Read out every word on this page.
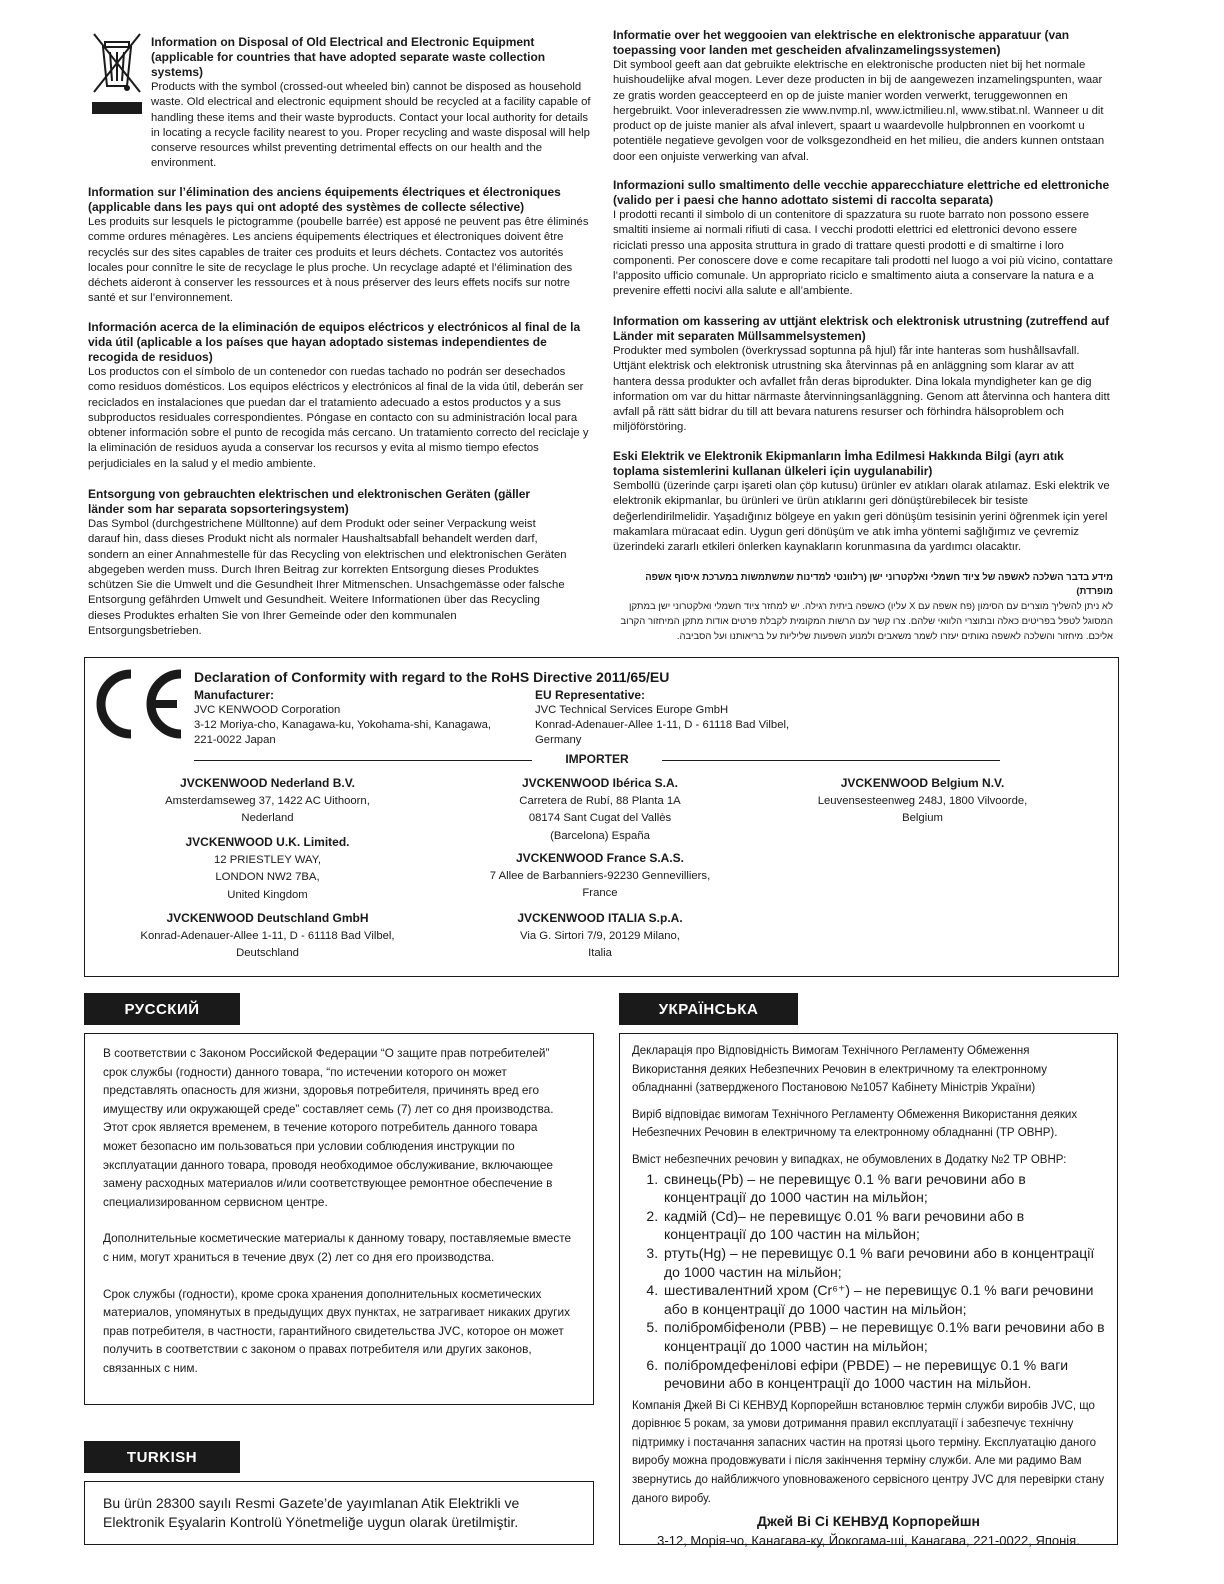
Information on Disposal of Old Electrical and Electronic Equipment (applicable for countries that have adopted separate waste collection systems)

Products with the symbol (crossed-out wheeled bin) cannot be disposed as household waste. Old electrical and electronic equipment should be recycled at a facility capable of handling these items and their waste byproducts. Contact your local authority for details in locating a recycle facility nearest to you. Proper recycling and waste disposal will help conserve resources whilst preventing detrimental effects on our health and the environment.

Information sur l’élimination des anciens équipements électriques et électroniques (applicable dans les pays qui ont adopté des systèmes de collecte sélective)

Les produits sur lesquels le pictogramme (poubelle barrée) est apposé ne peuvent pas être éliminés comme ordures ménagères. Les anciens équipements électriques et électroniques doivent être recyclés sur des sites capables de traiter ces produits et leurs déchets. Contactez vos autorités locales pour connître le site de recyclage le plus proche. Un recyclage adapté et l’élimination des déchets aideront à conserver les ressources et à nous préserver des leurs effets nocifs sur notre santé et sur l’environnement.

Información acerca de la eliminación de equipos eléctricos y electrónicos al final de la vida útil (aplicable a los países que hayan adoptado sistemas independientes de recogida de residuos)

Los productos con el símbolo de un contenedor con ruedas tachado no podrán ser desechados como residuos domésticos. Los equipos eléctricos y electrónicos al final de la vida útil, deberán ser reciclados en instalaciones que puedan dar el tratamiento adecuado a estos productos y a sus subproductos residuales correspondientes. Póngase en contacto con su administración local para obtener información sobre el punto de recogida más cercano. Un tratamiento correcto del reciclaje y la eliminación de residuos ayuda a conservar los recursos y evita al mismo tiempo efectos perjudiciales en la salud y el medio ambiente.

Entsorgung von gebrauchten elektrischen und elektronischen Geräten (gäller länder som har separata sopsorteringsystem)

Das Symbol (durchgestrichene Mülltonne) auf dem Produkt oder seiner Verpackung weist darauf hin, dass dieses Produkt nicht als normaler Haushaltsabfall behandelt werden darf, sondern an einer Annahmestelle für das Recycling von elektrischen und elektronischen Geräten abgegeben werden muss. Durch Ihren Beitrag zur korrekten Entsorgung dieses Produktes schützen Sie die Umwelt und die Gesundheit Ihrer Mitmenschen. Unsachgemässe oder falsche Entsorgung gefährden Umwelt und Gesundheit. Weitere Informationen über das Recycling dieses Produktes erhalten Sie von Ihrer Gemeinde oder den kommunalen Entsorgungsbetrieben.

Informatie over het weggooien van elektrische en elektronische apparatuur (van toepassing voor landen met gescheiden afvalinzamelingssystemen)

Dit symbool geeft aan dat gebruikte elektrische en elektronische producten niet bij het normale huishoudelijke afval mogen. Lever deze producten in bij de aangewezen inzamelingspunten, waar ze gratis worden geaccepteerd en op de juiste manier worden verwerkt, teruggewonnen en hergebruikt. Voor inleveradressen zie www.nvmp.nl, www.ictmilieu.nl, www.stibat.nl. Wanneer u dit product op de juiste manier als afval inlevert, spaart u waardevolle hulpbronnen en voorkomt u potentiële negatieve gevolgen voor de volksgezondheid en het milieu, die anders kunnen ontstaan door een onjuiste verwerking van afval.

Informazioni sullo smaltimento delle vecchie apparecchiature elettriche ed elettroniche (valido per i paesi che hanno adottato sistemi di raccolta separata)

I prodotti recanti il simbolo di un contenitore di spazzatura su ruote barrato non possono essere smaltiti insieme ai normali rifiuti di casa. I vecchi prodotti elettrici ed elettronici devono essere riciclati presso una apposita struttura in grado di trattare questi prodotti e di smaltirne i loro componenti. Per conoscere dove e come recapitare tali prodotti nel luogo a voi più vicino, contattare l’apposito ufficio comunale. Un appropriato riciclo e smaltimento aiuta a conservare la natura e a prevenire effetti nocivi alla salute e all’ambiente.

Information om kassering av uttjänt elektrisk och elektronisk utrustning (zutreffend auf Länder mit separaten Müllsammelsystemen)

Produkter med symbolen (överkryssad soptunna på hjul) får inte hanteras som hushållsavfall. Uttjänt elektrisk och elektronisk utrustning ska återvinnas på en anläggning som klarar av att hantera dessa produkter och avfallet från deras biprodukter. Dina lokala myndigheter kan ge dig information om var du hittar närmaste återvinningsanläggning. Genom att återvinna och hantera ditt avfall på rätt sätt bidrar du till att bevara naturens resurser och förhindra hälsoproblem och miljöförstöring.

Eski Elektrik ve Elektronik Ekipmanların İmha Edilmesi Hakkında Bilgi (ayrı atık toplama sistemlerini kullanan ülkeleri için uygulanabilir)

Sembollü (üzerinde çarpı işareti olan çöp kutusu) ürünler ev atıkları olarak atılamaz. Eski elektrik ve elektronik ekipmanlar, bu ürünleri ve ürün atıklarını geri dönüştürebilecek bir tesiste değerlendirilmelidir. Yaşadığınız bölgeye en yakın geri dönüşüm tesisinin yerini öğrenmek için yerel makamlara müracaat edin. Uygun geri dönüşüm ve atık imha yöntemi sağlığımız ve çevremiz üzerindeki zararlı etkileri önlerken kaynakların korunmasına da yardımcı olacaktır.

מידע בדבר השלכה לאשפה של ציוד חשמלי ואלקטרוני ישן (רלוונטי למדינות שמשתמשות במערכת איסוף אשפה מופרדת)

לא ניתן להשליך מוצרים עם הסימון (פח אשפה עם X עליו) כאשפה ביתית רגילה. יש למחזר ציוד חשמלי ואלקטרוני ישן במתקן המסוגל לטפל בפריטים כאלה ובתוצרי הלוואי שלהם. צרו קשר עם הרשות המקומית לקבלת פרטים אודות מתקן המיחזור הקרוב אליכם. מיחזור והשלכה לאשפה נאותים יעזרו לשמר משאבים ולמנוע השפעות שליליות על בריאותנו ועל הסביבה.

Declaration of Conformity with regard to the RoHS Directive 2011/65/EU
Manufacturer:
JVC KENWOOD Corporation
3-12 Moriya-cho, Kanagawa-ku, Yokohama-shi, Kanagawa,
221-0022 Japan
EU Representative:
JVC Technical Services Europe GmbH
Konrad-Adenauer-Allee 1-11, D - 61118 Bad Vilbel,
Germany
IMPORTER
JVCKENWOOD Nederland B.V.
Amsterdamseweg 37, 1422 AC Uithoorn,
Nederland
JVCKENWOOD U.K. Limited.
12 PRIESTLEY WAY,
LONDON NW2 7BA,
United Kingdom
JVCKENWOOD Deutschland GmbH
Konrad-Adenauer-Allee 1-11, D - 61118 Bad Vilbel,
Deutschland
JVCKENWOOD Ibérica S.A.
Carretera de Rubí, 88 Planta 1A
08174 Sant Cugat del Vallès
(Barcelona) España
JVCKENWOOD France S.A.S.
7 Allee de Barbanniers-92230 Gennevilliers,
France
JVCKENWOOD ITALIA S.p.A.
Via G. Sirtori 7/9, 20129 Milano,
Italia
JVCKENWOOD Belgium N.V.
Leuvensesteenweg 248J, 1800 Vilvoorde,
Belgium
РУССКИЙ

В соответствии с Законом Российской Федерации “О защите прав потребителей” срок службы (годности) данного товара, “по истечении которого он может представлять опасность для жизни, здоровья потребителя, причинять вред его имуществу или окружающей среде” составляет семь (7) лет со дня производства. Этот срок является временем, в течение которого потребитель данного товара может безопасно им пользоваться при условии соблюдения инструкции по эксплуатации данного товара, проводя необходимое обслуживание, включающее замену расходных материалов и/или соответствующее ремонтное обеспечение в специализированном сервисном центре.

Дополнительные косметические материалы к данному товару, поставляемые вместе с ним, могут храниться в течение двух (2) лет со дня его производства.

Срок службы (годности), кроме срока хранения дополнительных косметических материалов, упомянутых в предыдущих двух пунктах, не затрагивает никаких других прав потребителя, в частности, гарантийного свидетельства JVC, которое он может получить в соответствии с законом о правах потребителя или других законов, связанных с ним.

TURKISH
Bu ürün 28300 sayılı Resmi Gazete’de yayımlanan Atik Elektrikli ve Elektronik Eşyalarin Kontrolü Yönetmeliğe uygun olarak üretilmiştir.
УКРАЇНСЬКА

Декларація про Відповідність Вимогам Технічного Регламенту Обмеження Використання деяких Небезпечних Речовин в електричному та електронному обладнанні (затвердженого Постановою №1057 Кабінету Міністрів України)

Виріб відповідає вимогам Технічного Регламенту Обмеження Використання деяких Небезпечних Речовин в електричному та електронному обладнанні (ТР ОВНР).

Вміст небезпечних речовин у випадках, не обумовлених в Додатку №2 ТР ОВНР:

1. свинець(Pb) – не перевищує 0.1 % ваги речовини або в концентрації до 1000 частин на мільйон;
2. кадмій (Cd)– не перевищує 0.01 % ваги речовини або в концентрації до 100 частин на мільйон;
3. ртуть(Hg) – не перевищує 0.1 % ваги речовини або в концентрації до 1000 частин на мільйон;
4. шестивалентний хром (Cr⁶⁺) – не перевищує 0.1 % ваги речовини або в концентрації до 1000 частин на мільйон;
5. полібромбіфеноли (PBB) – не перевищує 0.1% ваги речовини або в концентрації до 1000 частин на мільйон;
6. полібромдефенілові ефіри (PBDE) – не перевищує 0.1 % ваги речовини або в концентрації до 1000 частин на мільйон.

Компанія Джей Ві Сі КЕНВУД Корпорейшн встановлює термін служби виробів JVC, що дорівнює 5 рокам, за умови дотримання правил експлуатації і забезпечує технічну підтримку і постачання запасних частин на протязі цього терміну. Експлуатацію даного виробу можна продовжувати і після закінчення терміну служби. Але ми радимо Вам звернутись до найближчого уповноваженого сервісного центру JVC для перевірки стану даного виробу.

Джей Ві Сі КЕНВУД Корпорейшн
3-12, Морія-чо, Канагава-ку, Йокогама-ші, Канагава, 221-0022, Японія.
